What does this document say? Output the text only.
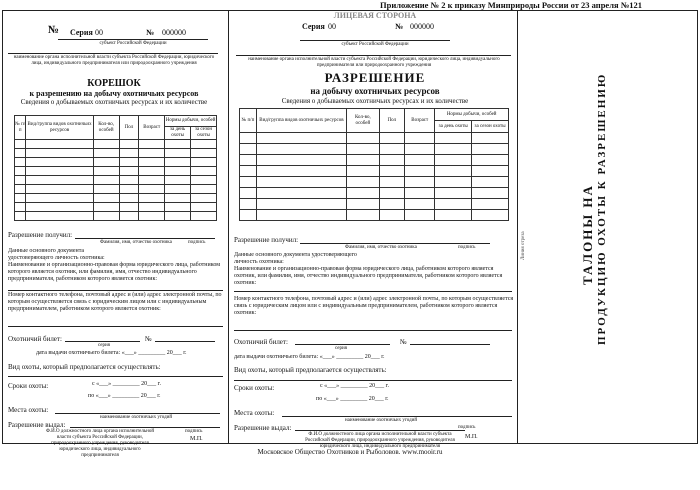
Приложение № 2 к приказу Минприроды России от 23 апреля №121
№ Серия 00	№ 000000
субъект Российской Федерации
наименование органа исполнительной власти субъекта Российской Федерации, юридического лица, индивидуального предпринимателя или природоохранного учреждения
КОРЕШОК
к разрешению на добычу охотничьих ресурсов
Сведения о добываемых охотничьих ресурсах и их количестве
№ п/п	Вид/группа видов охотничьих ресурсов	Кол-во, особей	Пол	Возраст	Нормы добычи, особей	
					за день охоты	за сезон охоты

Разрешение получил:
Фамилия, имя, отчество охотника	подпись
Данные основного документа удостоверяющего личность охотника:
Наименование и организационно-правовая форма юридического лица, работником которого является охотник, или фамилия, имя, отчество индивидуального предпринимателя, работником которого является охотник:
Номер контактного телефона, почтовый адрес и (или) адрес электронной почты, по которым осуществляется связь с юридическим лицом или с индивидуальным предпринимателем, работником которого является охотник:
Охотничий билет:	№
серия
дата выдачи охотничьего билета: «___» _________ 20___ г.
Вид охоты, который предполагается осуществлять:
Сроки охоты:	с «___» _________ 20___ г.
по «___» _________ 20___ г.
Места охоты:
наименование охотничьих угодий
Разрешение выдал:
Ф.И.О должностного лица органа исполнительной власти субъекта Российской Федерации, природоохранного учреждения, руководителя юридического лица, индивидуального предпринимателя
подпись
М.П.
ЛИЦЕВАЯ СТОРОНА
Серия 00	№ 000000
субъект Российской Федерации
наименование органа исполнительной власти субъекта Российской Федерации, юридического лица, индивидуального предпринимателя или природоохранного учреждения
РАЗРЕШЕНИЕ
на добычу охотничьих ресурсов
Сведения о добываемых охотничьих ресурсах и их количестве
№ п/п	Вид/группа видов охотничьих ресурсов	Кол-во, особей	Пол	Возраст	Нормы добычи, особей	
					за день охоты	за сезон охоты

Разрешение получил:
Фамилия, имя, отчество охотника	подпись
Данные основного документа удостоверяющего личность охотника:
Наименование и организационно-правовая форма юридического лица, работником которого является охотник, или фамилия, имя, отчество индивидуального предпринимателя, работником которого является охотник:
Номер контактного телефона, почтовый адрес и (или) адрес электронной почты, по которым осуществляется связь с юридическим лицом или с индивидуальным предпринимателем, работником которого является охотник:
Охотничий билет:	№
серия
дата выдачи охотничьего билета: «___» _________ 20___ г.
Вид охоты, который предполагается осуществлять:
Сроки охоты:	с «___» _________ 20___ г.
по «___» _________ 20___ г.
Места охоты:
наименование охотничьих угодий
Разрешение выдал:
Ф.И.О должностного лица органа исполнительной власти субъекта Российской Федерации, природоохранного учреждения, руководителя юридического лица, индивидуального предпринимателя
подпись
М.П.
Линия отреза	ТАЛОНЫ НА ПРОДУКЦИЮ ОХОТЫ К РАЗРЕШЕНИЮ
Московское Общество Охотников и Рыболовов. www.mooir.ru
